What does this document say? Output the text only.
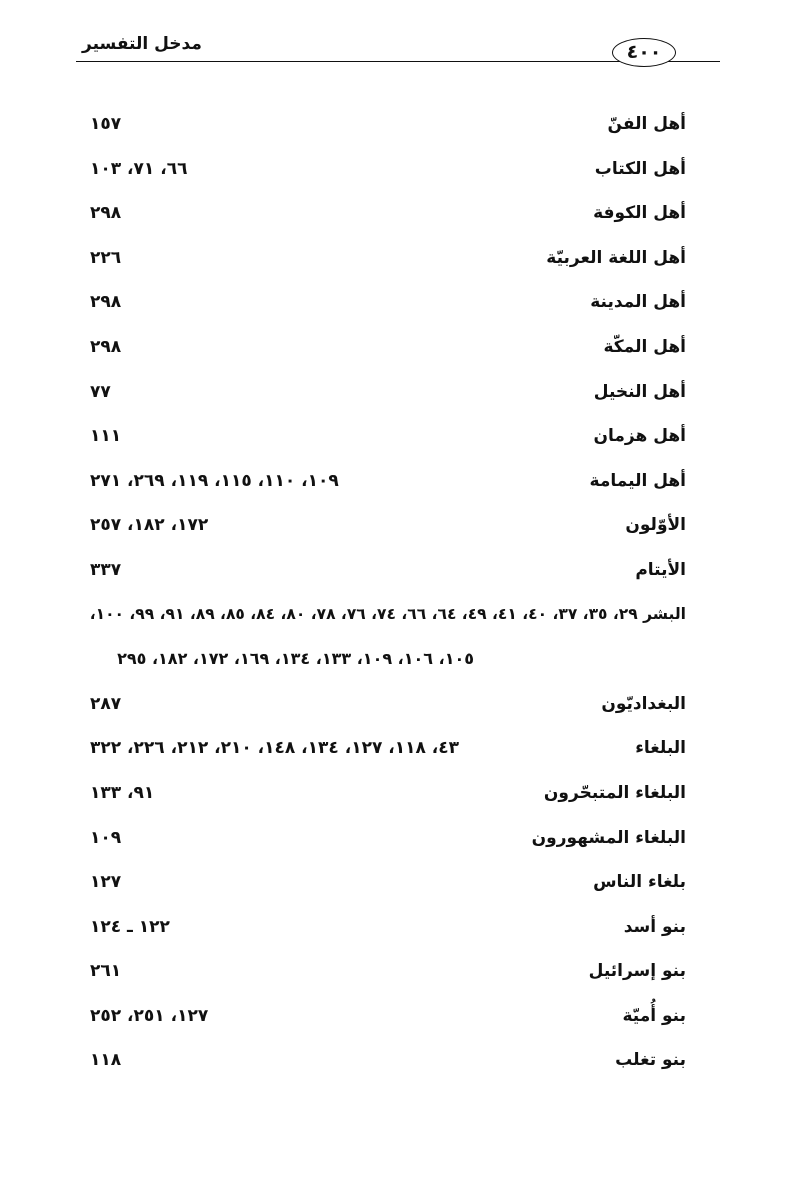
مدخل التفسير	٤٠٠
أهل الفنّ
١٥٧
أهل الكتاب
٦٦، ٧١، ١٠٣
أهل الكوفة
٢٩٨
أهل اللغة العربيّة
٢٢٦
أهل المدينة
٢٩٨
أهل المكّة
٢٩٨
أهل النخيل
٧٧
أهل هزمان
١١١
أهل اليمامة
١٠٩، ١١٠، ١١٥، ١١٩، ٢٦٩، ٢٧١
الأوّلون
١٧٢، ١٨٢، ٢٥٧
الأيتام
٣٣٧
البشر ٢٩، ٣٥، ٣٧، ٤٠، ٤١، ٤٩، ٦٤، ٦٦، ٧٤، ٧٦، ٧٨، ٨٠، ٨٤، ٨٥، ٨٩، ٩١، ٩٩، ١٠٠،
١٠٥، ١٠٦، ١٠٩، ١٣٣، ١٣٤، ١٦٩، ١٧٢، ١٨٢، ٢٩٥
البغداديّون
٢٨٧
البلغاء
٤٣، ١١٨، ١٢٧، ١٣٤، ١٤٨، ٢١٠، ٢١٢، ٢٢٦، ٣٢٢
البلغاء المتبحّرون
٩١، ١٣٣
البلغاء المشهورون
١٠٩
بلغاء الناس
١٢٧
بنو أسد
١٢٢ ـ ١٢٤
بنو إسرائيل
٢٦١
بنو أُميّة
١٢٧، ٢٥١، ٢٥٢
بنو تغلب
١١٨
